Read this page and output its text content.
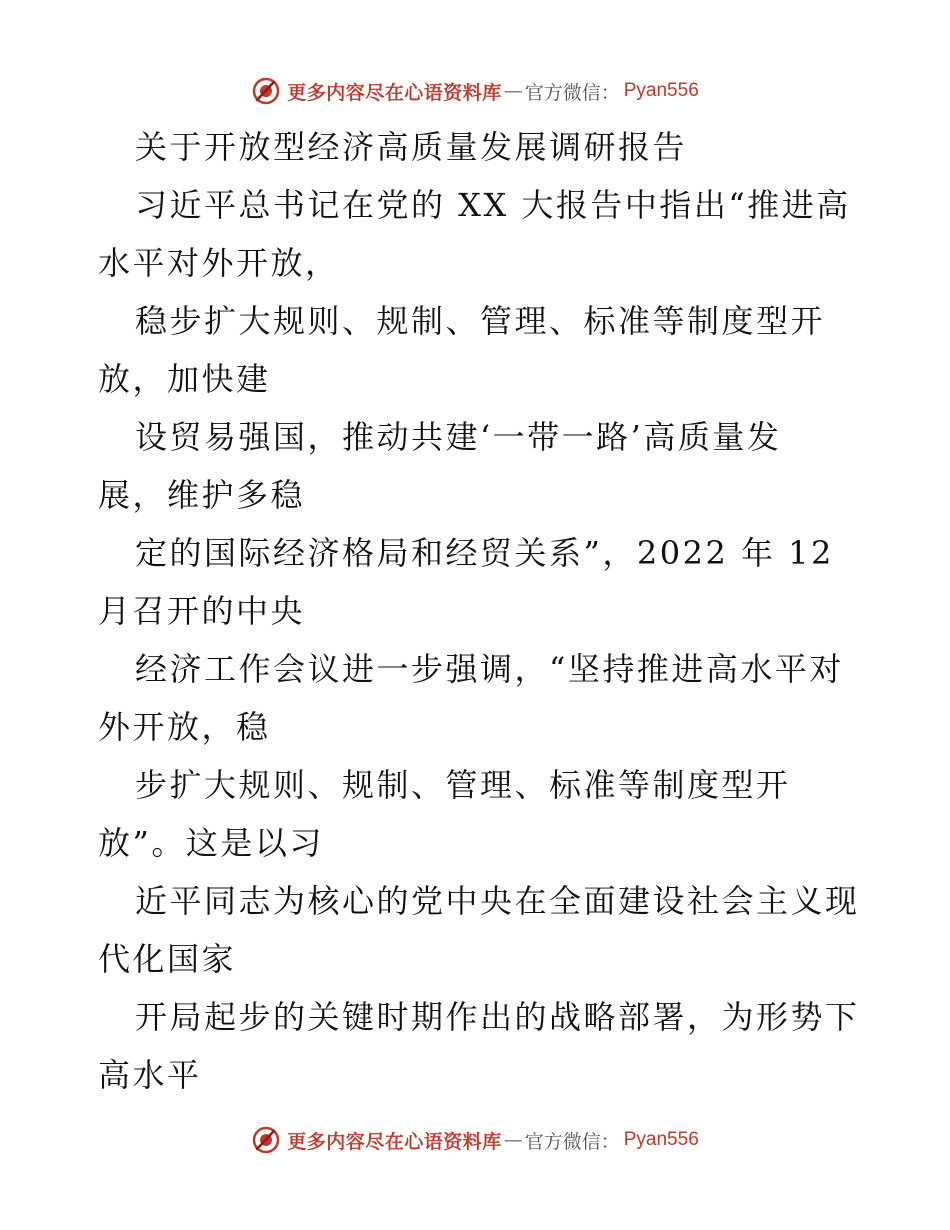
更多内容尽在心语资料库 — 官方微信： Pyan556
关于开放型经济高质量发展调研报告
习近平总书记在党的 XX 大报告中指出“推进高
水平对外开放，
稳步扩大规则、规制、管理、标准等制度型开
放，加快建
设贸易强国，推动共建‘一带一路’高质量发
展，维护多稳
定的国际经济格局和经贸关系”，2022 年 12
月召开的中央
经济工作会议进一步强调，“坚持推进高水平对
外开放，稳
步扩大规则、规制、管理、标准等制度型开
放”。这是以习
近平同志为核心的党中央在全面建设社会主义现
代化国家
开局起步的关键时期作出的战略部署，为形势下
高水平
更多内容尽在心语资料库 — 官方微信： Pyan556
